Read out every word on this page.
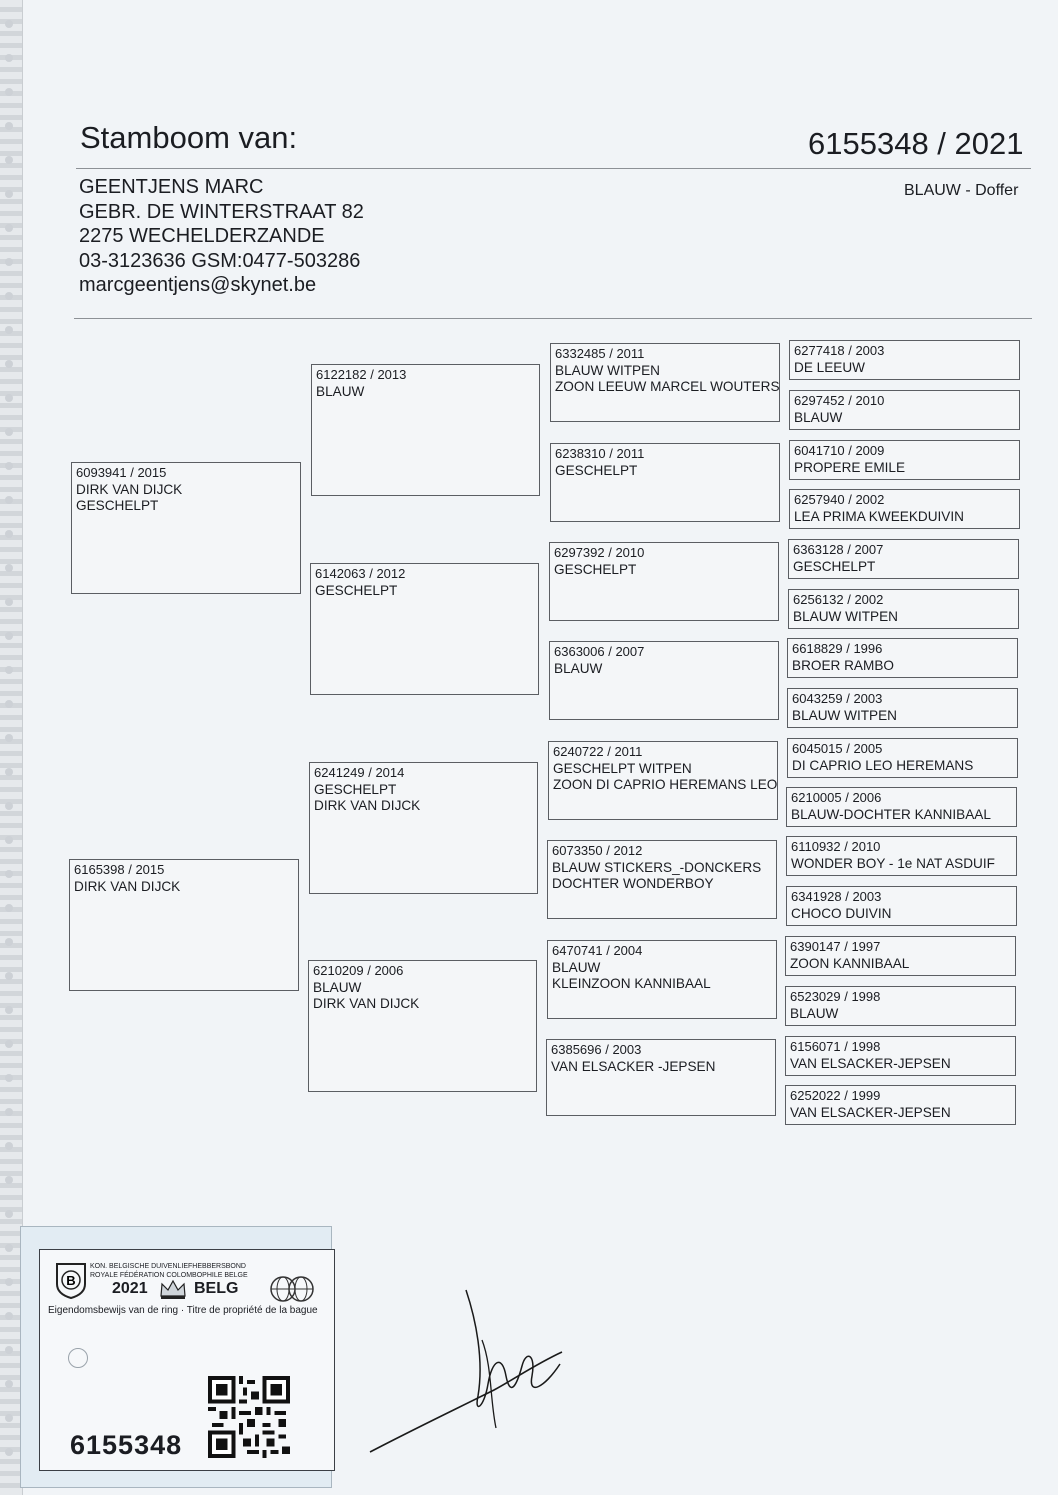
Stamboom van:	6155348 / 2021
GEENTJENS MARC
GEBR. DE WINTERSTRAAT 82
2275 WECHELDERZANDE
03-3123636 GSM:0477-503286
marcgeentjens@skynet.be
BLAUW - Doffer
6093941 / 2015
DIRK VAN DIJCK
GESCHELPT
6165398 / 2015
DIRK VAN DIJCK
6122182 / 2013
BLAUW
6142063 / 2012
GESCHELPT
6241249 / 2014
GESCHELPT
DIRK VAN DIJCK
6210209 / 2006
BLAUW
DIRK VAN DIJCK
6332485 / 2011
BLAUW WITPEN
ZOON LEEUW MARCEL WOUTERS
6238310 / 2011
GESCHELPT
6297392 / 2010
GESCHELPT
6363006 / 2007
BLAUW
6240722 / 2011
GESCHELPT WITPEN
ZOON DI CAPRIO HEREMANS LEO
6073350 / 2012
BLAUW STICKERS_-DONCKERS
DOCHTER WONDERBOY
6470741 / 2004
BLAUW
KLEINZOON KANNIBAAL
6385696 / 2003
VAN ELSACKER -JEPSEN
6277418 / 2003
DE LEEUW
6297452 / 2010
BLAUW
6041710 / 2009
PROPERE EMILE
6257940 / 2002
LEA PRIMA KWEEKDUIVIN
6363128 / 2007
GESCHELPT
6256132 / 2002
BLAUW WITPEN
6618829 / 1996
BROER RAMBO
6043259 / 2003
BLAUW WITPEN
6045015 / 2005
DI CAPRIO LEO HEREMANS
6210005 / 2006
BLAUW-DOCHTER KANNIBAAL
6110932 / 2010
WONDER BOY - 1e NAT ASDUIF
6341928 / 2003
CHOCO DUIVIN
6390147 / 1997
ZOON KANNIBAAL
6523029 / 1998
BLAUW
6156071 / 1998
VAN ELSACKER-JEPSEN
6252022 / 1999
VAN ELSACKER-JEPSEN
B
KON. BELGISCHE DUIVENLIEFHEBBERSBOND
ROYALE FÉDÉRATION COLOMBOPHILE BELGE
2021	BELG
Eigendomsbewijs van de ring · Titre de propriété de la bague
6155348
